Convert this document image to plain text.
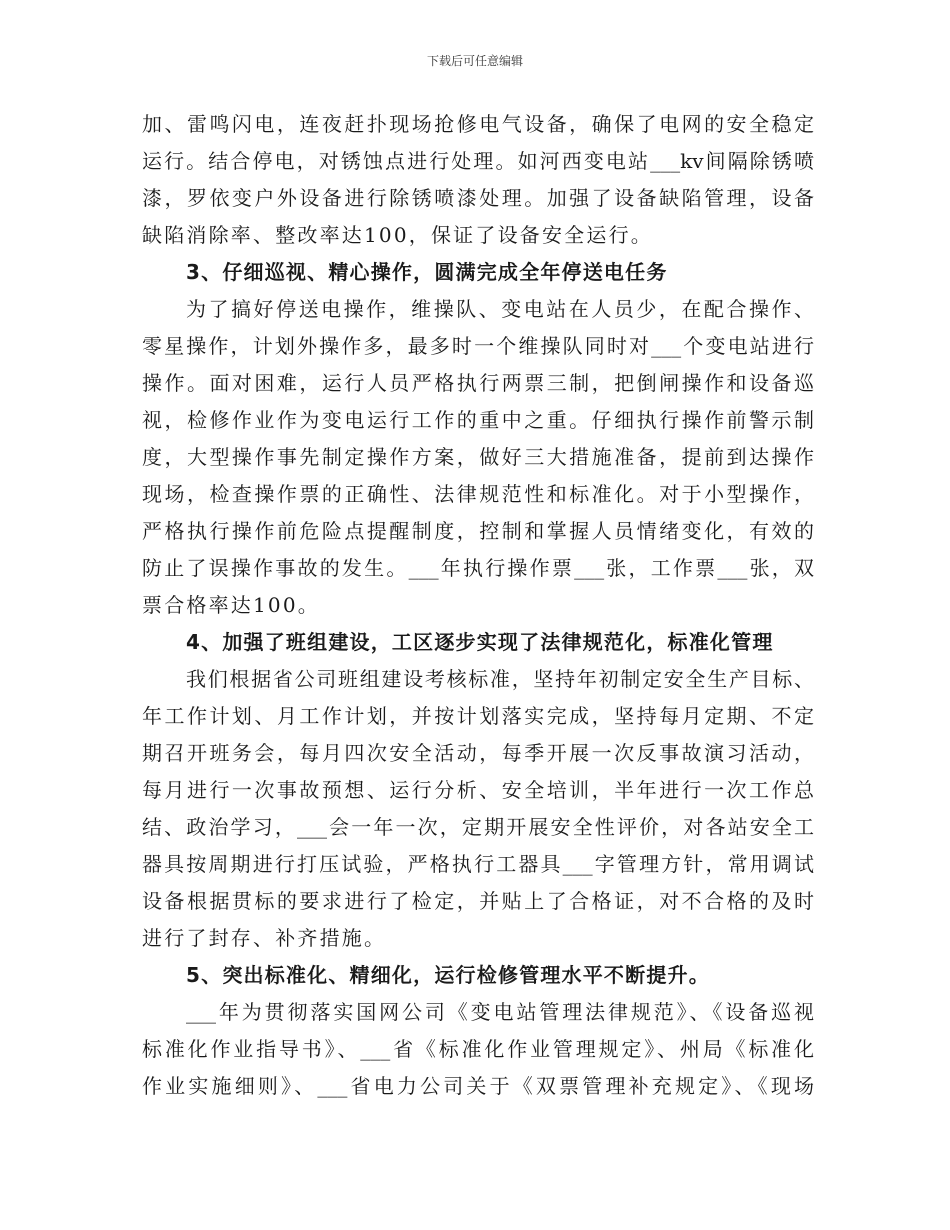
下载后可任意编辑
加、雷鸣闪电，连夜赶扑现场抢修电气设备，确保了电网的安全稳定
运行。结合停电，对锈蚀点进行处理。如河西变电站___kv间隔除锈喷
漆，罗依变户外设备进行除锈喷漆处理。加强了设备缺陷管理，设备
缺陷消除率、整改率达100，保证了设备安全运行。
3、仔细巡视、精心操作，圆满完成全年停送电任务
为了搞好停送电操作，维操队、变电站在人员少，在配合操作、
零星操作，计划外操作多，最多时一个维操队同时对___个变电站进行
操作。面对困难，运行人员严格执行两票三制，把倒闸操作和设备巡
视，检修作业作为变电运行工作的重中之重。仔细执行操作前警示制
度，大型操作事先制定操作方案，做好三大措施准备，提前到达操作
现场，检查操作票的正确性、法律规范性和标准化。对于小型操作，
严格执行操作前危险点提醒制度，控制和掌握人员情绪变化，有效的
防止了误操作事故的发生。___年执行操作票___张，工作票___张，双
票合格率达100。
4、加强了班组建设，工区逐步实现了法律规范化，标准化管理
我们根据省公司班组建设考核标准，坚持年初制定安全生产目标、
年工作计划、月工作计划，并按计划落实完成，坚持每月定期、不定
期召开班务会，每月四次安全活动，每季开展一次反事故演习活动，
每月进行一次事故预想、运行分析、安全培训，半年进行一次工作总
结、政治学习，___会一年一次，定期开展安全性评价，对各站安全工
器具按周期进行打压试验，严格执行工器具___字管理方针，常用调试
设备根据贯标的要求进行了检定，并贴上了合格证，对不合格的及时
进行了封存、补齐措施。
5、突出标准化、精细化，运行检修管理水平不断提升。
___年为贯彻落实国网公司《变电站管理法律规范》、《设备巡视
标准化作业指导书》、___省《标准化作业管理规定》、州局《标准化
作业实施细则》、___省电力公司关于《双票管理补充规定》、《现场
